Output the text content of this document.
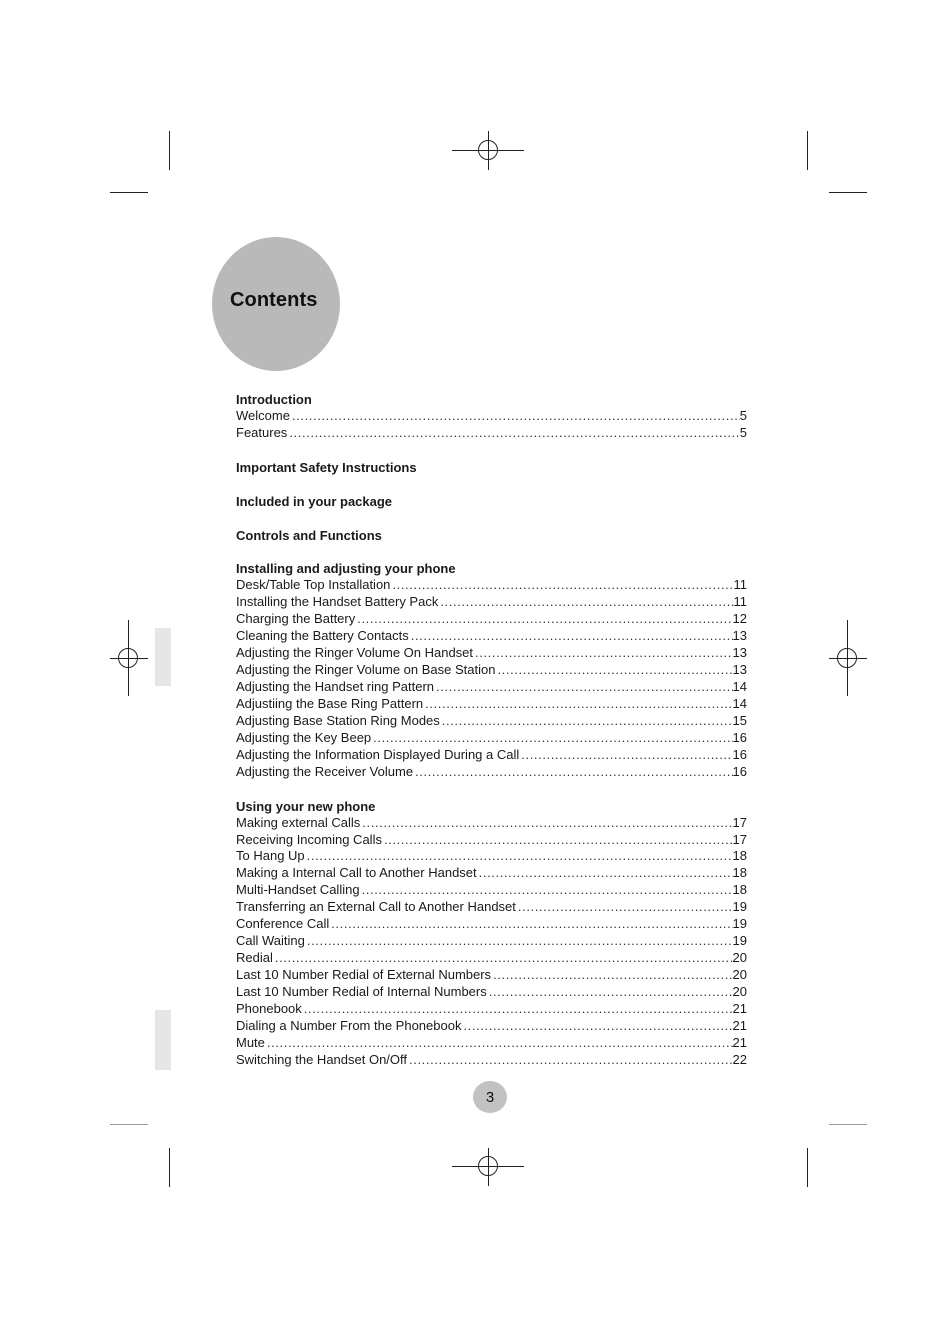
Contents
Introduction
Welcome .....	5
Features .....	5
Important Safety Instructions
Included in your package
Controls and Functions
Installing and adjusting your phone
Desk/Table Top Installation .....	11
Installing the Handset Battery Pack .....	11
Charging the Battery .....	12
Cleaning the Battery Contacts .....	13
Adjusting the Ringer Volume On Handset .....	13
Adjusting the Ringer Volume on Base Station .....	13
Adjusting the Handset ring Pattern .....	14
Adjustiing the Base Ring Pattern .....	14
Adjusting Base Station Ring Modes .....	15
Adjusting the Key Beep .....	16
Adjusting the Information Displayed During a Call .....	16
Adjusting the Receiver Volume .....	16
Using your new phone
Making external Calls .....	17
Receiving Incoming Calls .....	17
To Hang Up .....	18
Making a Internal Call to Another Handset .....	18
Multi-Handset Calling .....	18
Transferring an External Call to Another Handset .....	19
Conference Call .....	19
Call Waiting .....	19
Redial .....	20
Last 10 Number Redial of External Numbers .....	20
Last 10 Number Redial of Internal Numbers .....	20
Phonebook .....	21
Dialing a Number From the Phonebook .....	21
Mute .....	21
Switching the Handset On/Off .....	22
3
